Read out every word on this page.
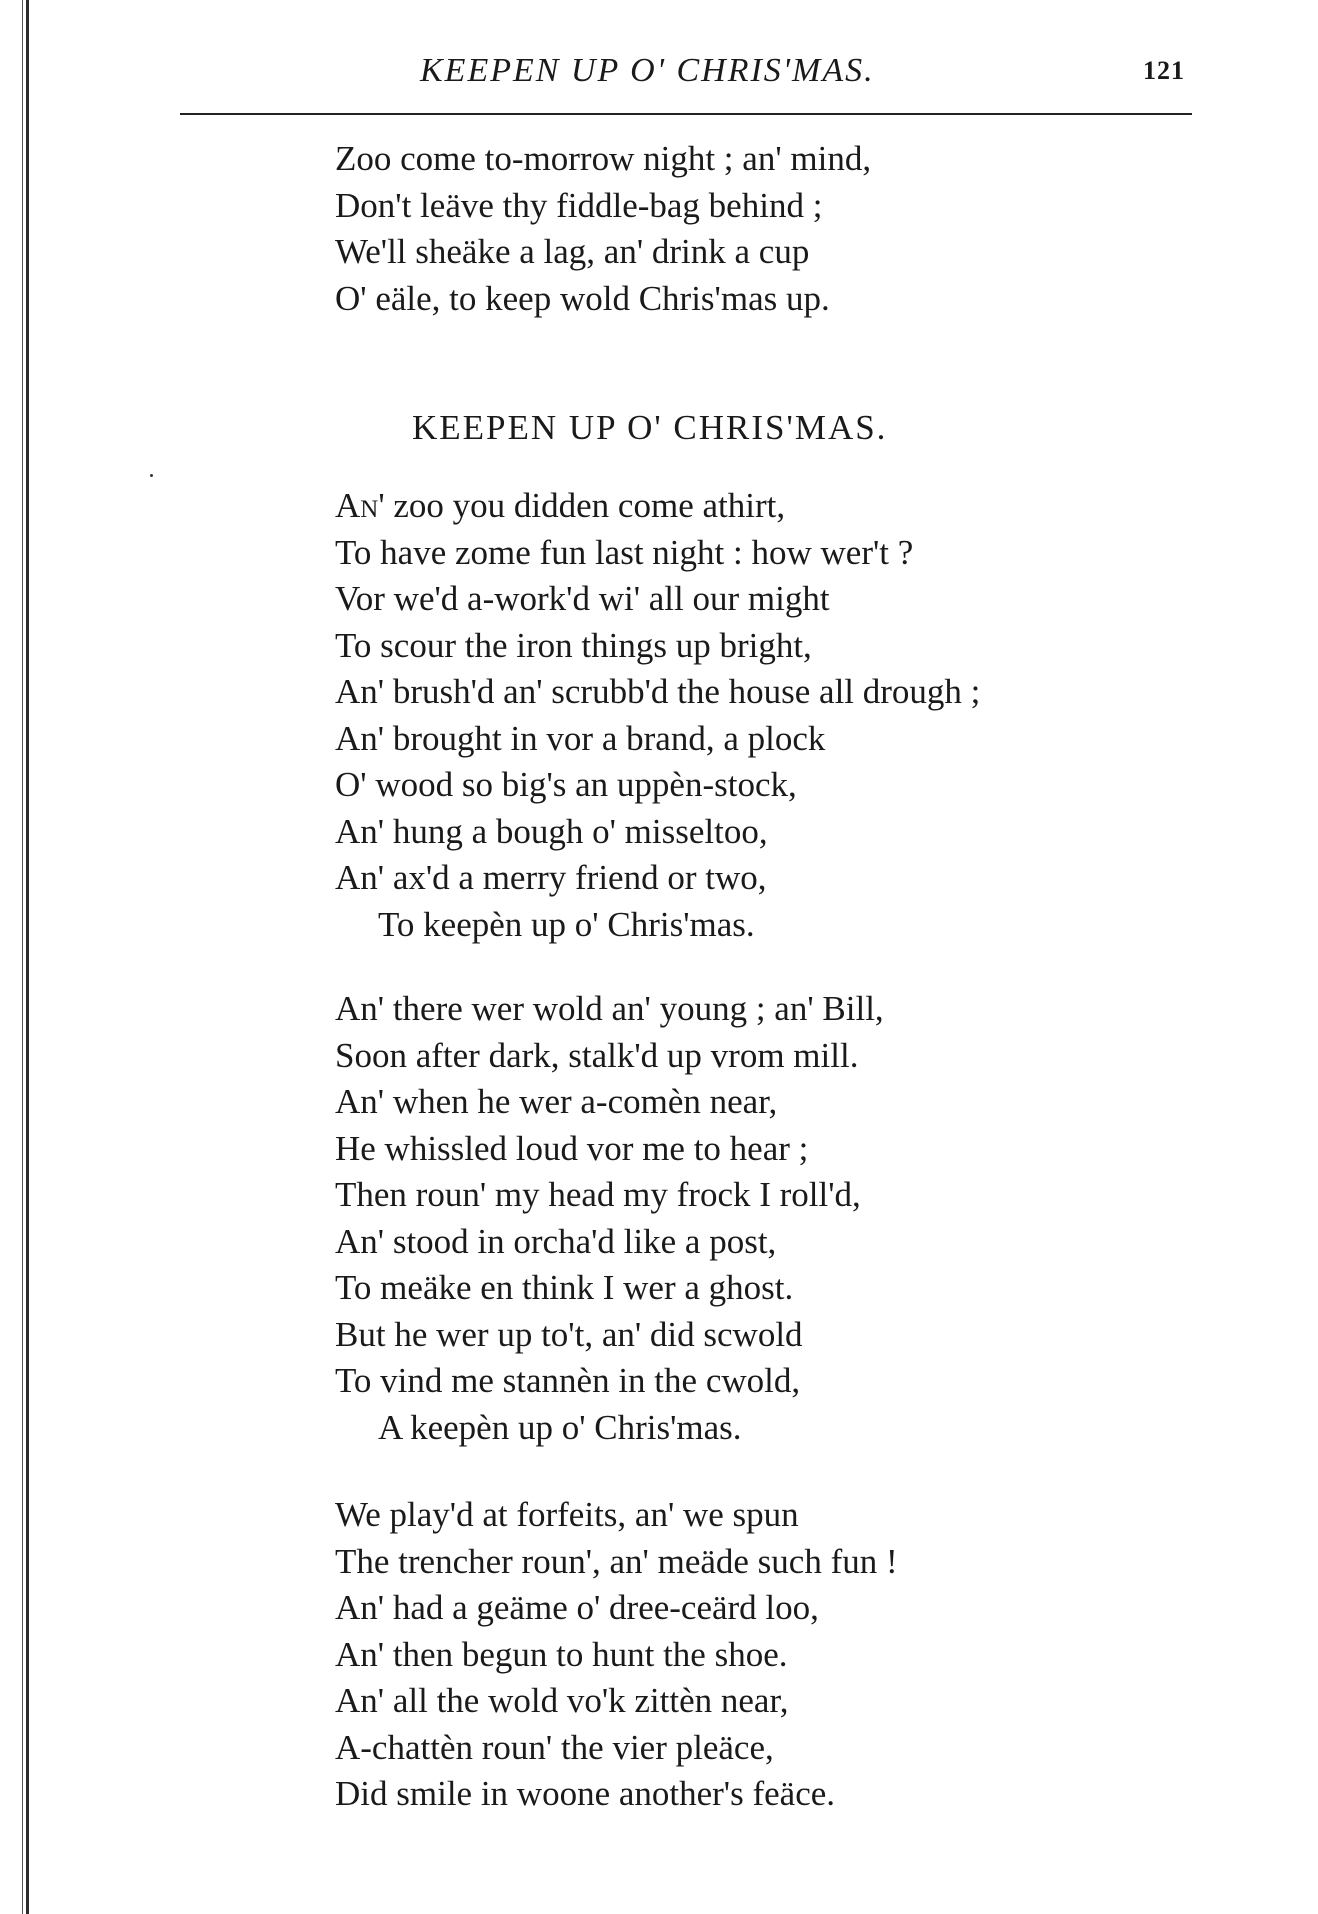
KEEPEN UP O' CHRIS'MAS.	121
Zoo come to-morrow night ; an' mind,
Don't leäve thy fiddle-bag behind ;
We'll sheäke a lag, an' drink a cup
O' eäle, to keep wold Chris'mas up.
KEEPEN UP O' CHRIS'MAS.
An' zoo you didden come athirt,
To have zome fun last night : how wer't ?
Vor we'd a-work'd wi' all our might
To scour the iron things up bright,
An' brush'd an' scrubb'd the house all drough ;
An' brought in vor a brand, a plock
O' wood so big's an uppèn-stock,
An' hung a bough o' misseltoo,
An' ax'd a merry friend or two,
To keepèn up o' Chris'mas.
An' there wer wold an' young ; an' Bill,
Soon after dark, stalk'd up vrom mill.
An' when he wer a-comèn near,
He whissled loud vor me to hear ;
Then roun' my head my frock I roll'd,
An' stood in orcha'd like a post,
To meäke en think I wer a ghost.
But he wer up to't, an' did scwold
To vind me stannèn in the cwold,
A keepèn up o' Chris'mas.
We play'd at forfeits, an' we spun
The trencher roun', an' meäde such fun !
An' had a geäme o' dree-ceärd loo,
An' then begun to hunt the shoe.
An' all the wold vo'k zittèn near,
A-chattèn roun' the vier pleäce,
Did smile in woone another's feäce.
